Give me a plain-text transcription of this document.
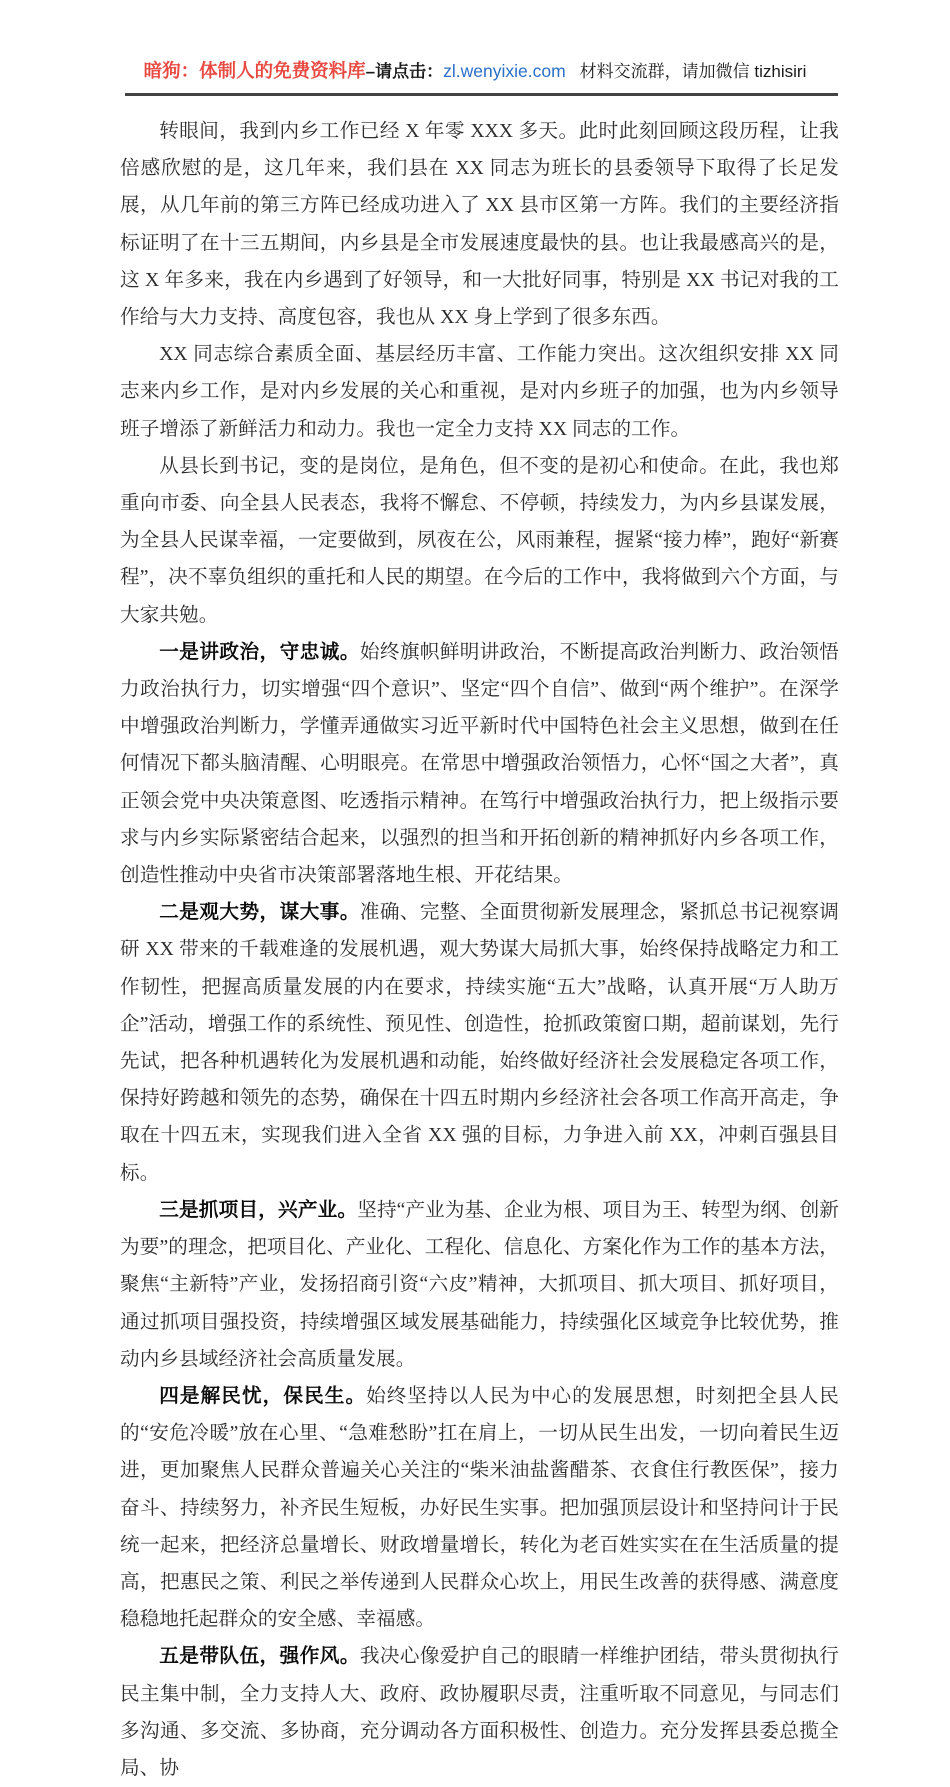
暗狗：体制人的免费资料库–请点击：zl.wenyixie.com 材料交流群，请加微信 tizhisiri

转眼间，我到内乡工作已经 X 年零 XXX 多天。此时此刻回顾这段历程，让我倍感欣慰的是，这几年来，我们县在 XX 同志为班长的县委领导下取得了长足发展，从几年前的第三方阵已经成功进入了 XX 县市区第一方阵。我们的主要经济指标证明了在十三五期间，内乡县是全市发展速度最快的县。也让我最感高兴的是，这 X 年多来，我在内乡遇到了好领导，和一大批好同事，特别是 XX 书记对我的工作给与大力支持、高度包容，我也从 XX 身上学到了很多东西。

XX 同志综合素质全面、基层经历丰富、工作能力突出。这次组织安排 XX 同志来内乡工作，是对内乡发展的关心和重视，是对内乡班子的加强，也为内乡领导班子增添了新鲜活力和动力。我也一定全力支持 XX 同志的工作。

从县长到书记，变的是岗位，是角色，但不变的是初心和使命。在此，我也郑重向市委、向全县人民表态，我将不懈怠、不停顿，持续发力，为内乡县谋发展，为全县人民谋幸福，一定要做到，夙夜在公，风雨兼程，握紧“接力棒”，跑好“新赛程”，决不辜负组织的重托和人民的期望。在今后的工作中，我将做到六个方面，与大家共勉。

一是讲政治，守忠诚。始终旗帜鲜明讲政治，不断提高政治判断力、政治领悟力政治执行力，切实增强“四个意识”、坚定“四个自信”、做到“两个维护”。在深学中增强政治判断力，学懂弄通做实习近平新时代中国特色社会主义思想，做到在任何情况下都头脑清醒、心明眼亮。在常思中增强政治领悟力，心怀“国之大者”，真正领会党中央决策意图、吃透指示精神。在笃行中增强政治执行力，把上级指示要求与内乡实际紧密结合起来，以强烈的担当和开拓创新的精神抓好内乡各项工作，创造性推动中央省市决策部署落地生根、开花结果。

二是观大势，谋大事。准确、完整、全面贯彻新发展理念，紧抓总书记视察调研 XX 带来的千载难逢的发展机遇，观大势谋大局抓大事，始终保持战略定力和工作韧性，把握高质量发展的内在要求，持续实施“五大”战略，认真开展“万人助万企”活动，增强工作的系统性、预见性、创造性，抢抓政策窗口期，超前谋划，先行先试，把各种机遇转化为发展机遇和动能，始终做好经济社会发展稳定各项工作，保持好跨越和领先的态势，确保在十四五时期内乡经济社会各项工作高开高走，争取在十四五末，实现我们进入全省 XX 强的目标，力争进入前 XX，冲刺百强县目标。

三是抓项目，兴产业。坚持“产业为基、企业为根、项目为王、转型为纲、创新为要”的理念，把项目化、产业化、工程化、信息化、方案化作为工作的基本方法，聚焦“主新特”产业，发扬招商引资“六皮”精神，大抓项目、抓大项目、抓好项目，通过抓项目强投资，持续增强区域发展基础能力，持续强化区域竞争比较优势，推动内乡县域经济社会高质量发展。

四是解民忧，保民生。始终坚持以人民为中心的发展思想，时刻把全县人民的“安危冷暖”放在心里、“急难愁盼”扛在肩上，一切从民生出发，一切向着民生迈进，更加聚焦人民群众普遍关心关注的“柴米油盐酱醋茶、衣食住行教医保”，接力奋斗、持续努力，补齐民生短板，办好民生实事。把加强顶层设计和坚持问计于民统一起来，把经济总量增长、财政增量增长，转化为老百姓实实在在生活质量的提高，把惠民之策、利民之举传递到人民群众心坎上，用民生改善的获得感、满意度稳稳地托起群众的安全感、幸福感。

五是带队伍，强作风。我决心像爱护自己的眼睛一样维护团结，带头贯彻执行民主集中制，全力支持人大、政府、政协履职尽责，注重听取不同意见，与同志们多沟通、多交流、多协商，充分调动各方面积极性、创造力。充分发挥县委总揽全局、协
